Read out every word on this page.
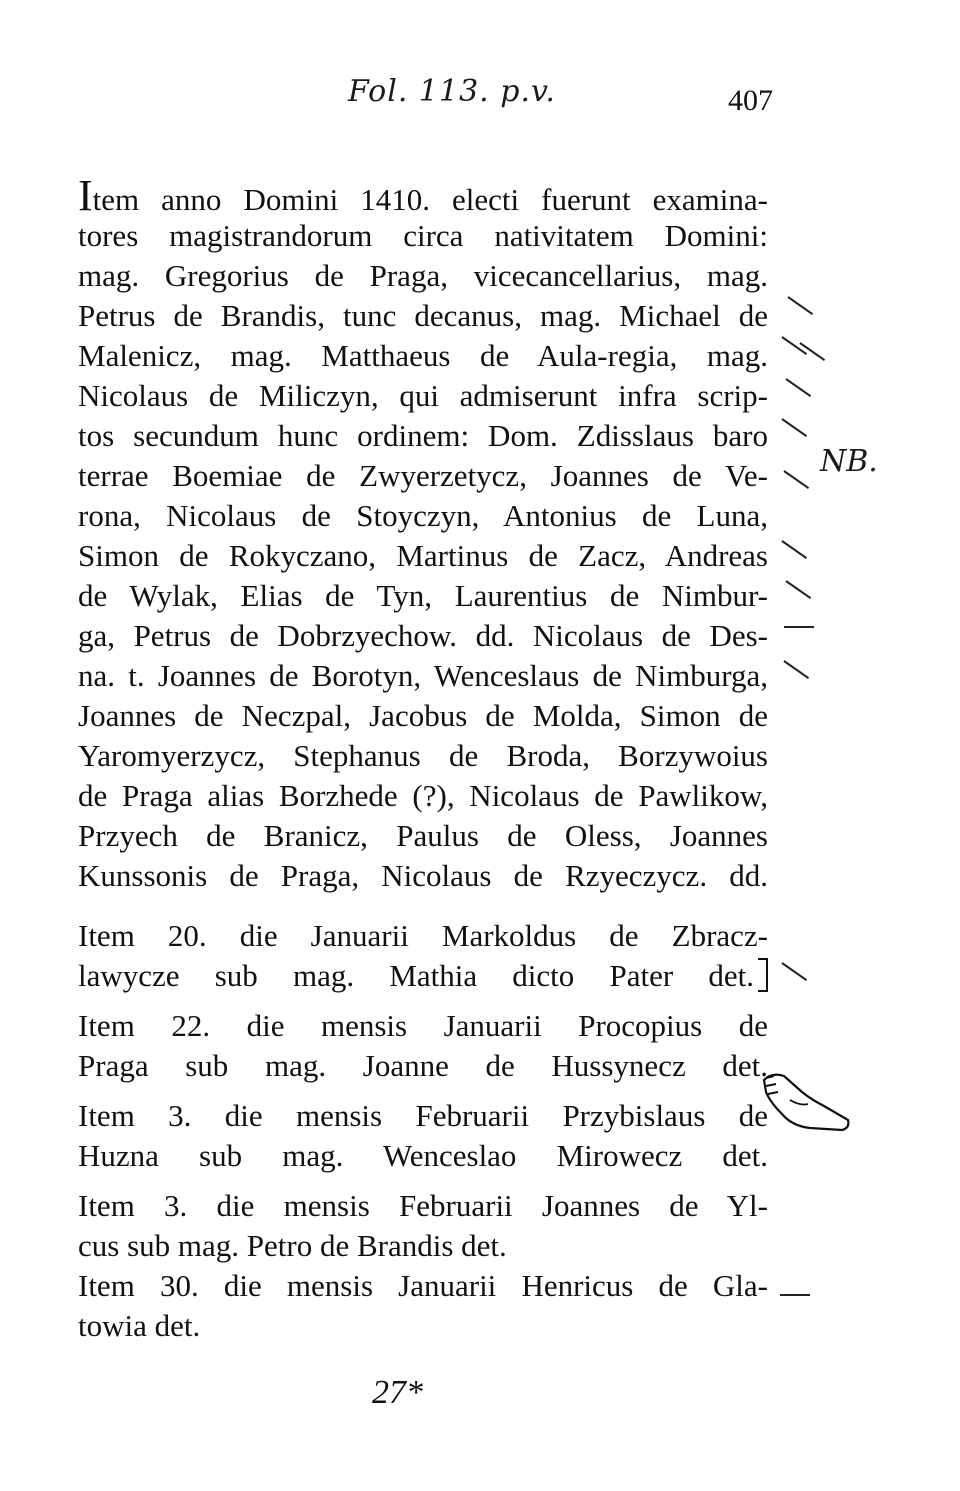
Fol. 113. p.v.	407
Item anno Domini 1410. electi fuerunt examina-
tores magistrandorum circa nativitatem Domini:
mag. Gregorius de Praga, vicecancellarius, mag.
Petrus de Brandis, tunc decanus, mag. Michael de
Malenicz, mag. Matthaeus de Aula-regia, mag.
Nicolaus de Miliczyn, qui admiserunt infra scrip-
tos secundum hunc ordinem: Dom. Zdisslaus baro
terrae Boemiae de Zwyerzetycz, Joannes de Ve-
rona, Nicolaus de Stoyczyn, Antonius de Luna,
Simon de Rokyczano, Martinus de Zacz, Andreas
de Wylak, Elias de Tyn, Laurentius de Nimbur-
ga, Petrus de Dobrzyechow. dd. Nicolaus de Des-
na. t. Joannes de Borotyn, Wenceslaus de Nimburga,
Joannes de Neczpal, Jacobus de Molda, Simon de
Yaromyerzycz, Stephanus de Broda, Borzywoius
de Praga alias Borzhede (?), Nicolaus de Pawlikow,
Przyech de Branicz, Paulus de Oless, Joannes
Kunssonis de Praga, Nicolaus de Rzyeczycz. dd.
Item 20. die Januarii Markoldus de Zbracz-
lawycze sub mag. Mathia dicto Pater det.
Item 22. die mensis Januarii Procopius de
Praga sub mag. Joanne de Hussynecz det.
Item 3. die mensis Februarii Przybislaus de
Huzna sub mag. Wenceslao Mirowecz det.
Item 3. die mensis Februarii Joannes de Yl-
cus sub mag. Petro de Brandis det.
Item 30. die mensis Januarii Henricus de Gla-
towia det.
NB.
27*
